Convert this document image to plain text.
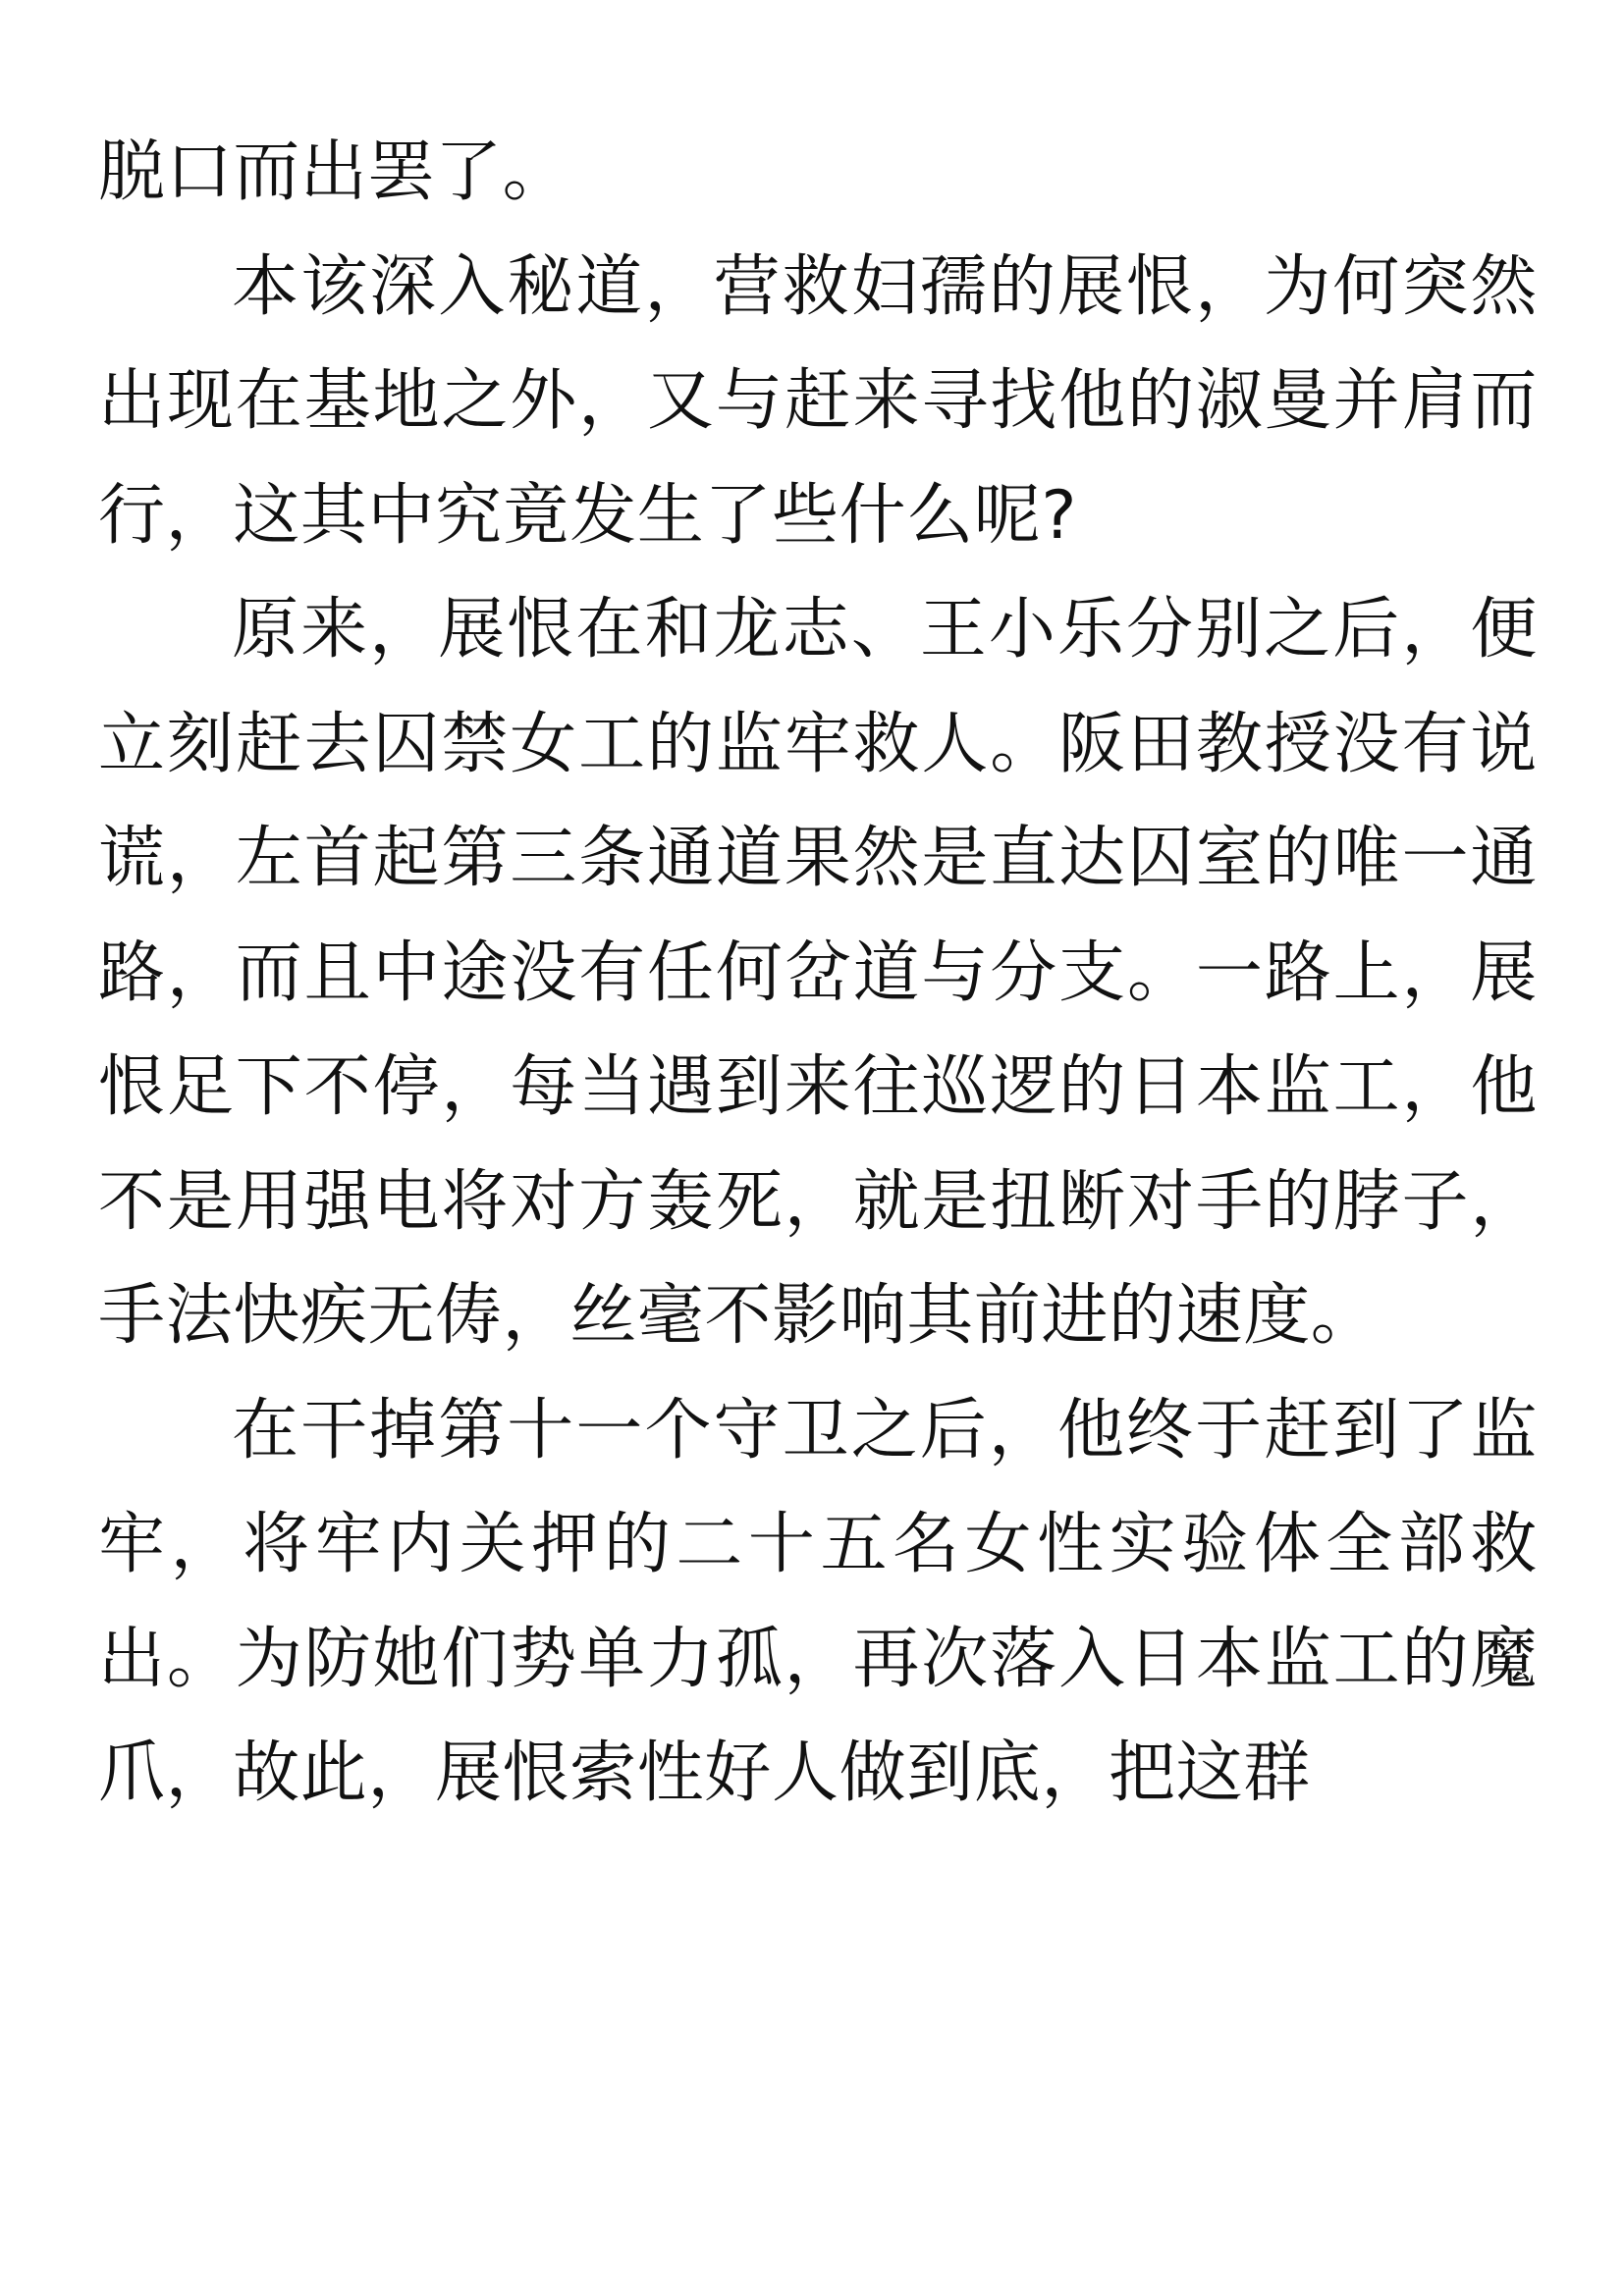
脱口而出罢了。

本该深入秘道，营救妇孺的展恨，为何突然出现在基地之外，又与赶来寻找他的淑曼并肩而行，这其中究竟发生了些什么呢?

原来，展恨在和龙志、王小乐分别之后，便立刻赶去囚禁女工的监牢救人。阪田教授没有说谎，左首起第三条通道果然是直达囚室的唯一通路，而且中途没有任何岔道与分支。一路上，展恨足下不停，每当遇到来往巡逻的日本监工，他不是用强电将对方轰死，就是扭断对手的脖子，手法快疾无俦，丝毫不影响其前进的速度。

在干掉第十一个守卫之后，他终于赶到了监牢，将牢内关押的二十五名女性实验体全部救出。为防她们势单力孤，再次落入日本监工的魔爪，故此，展恨索性好人做到底，把这群
